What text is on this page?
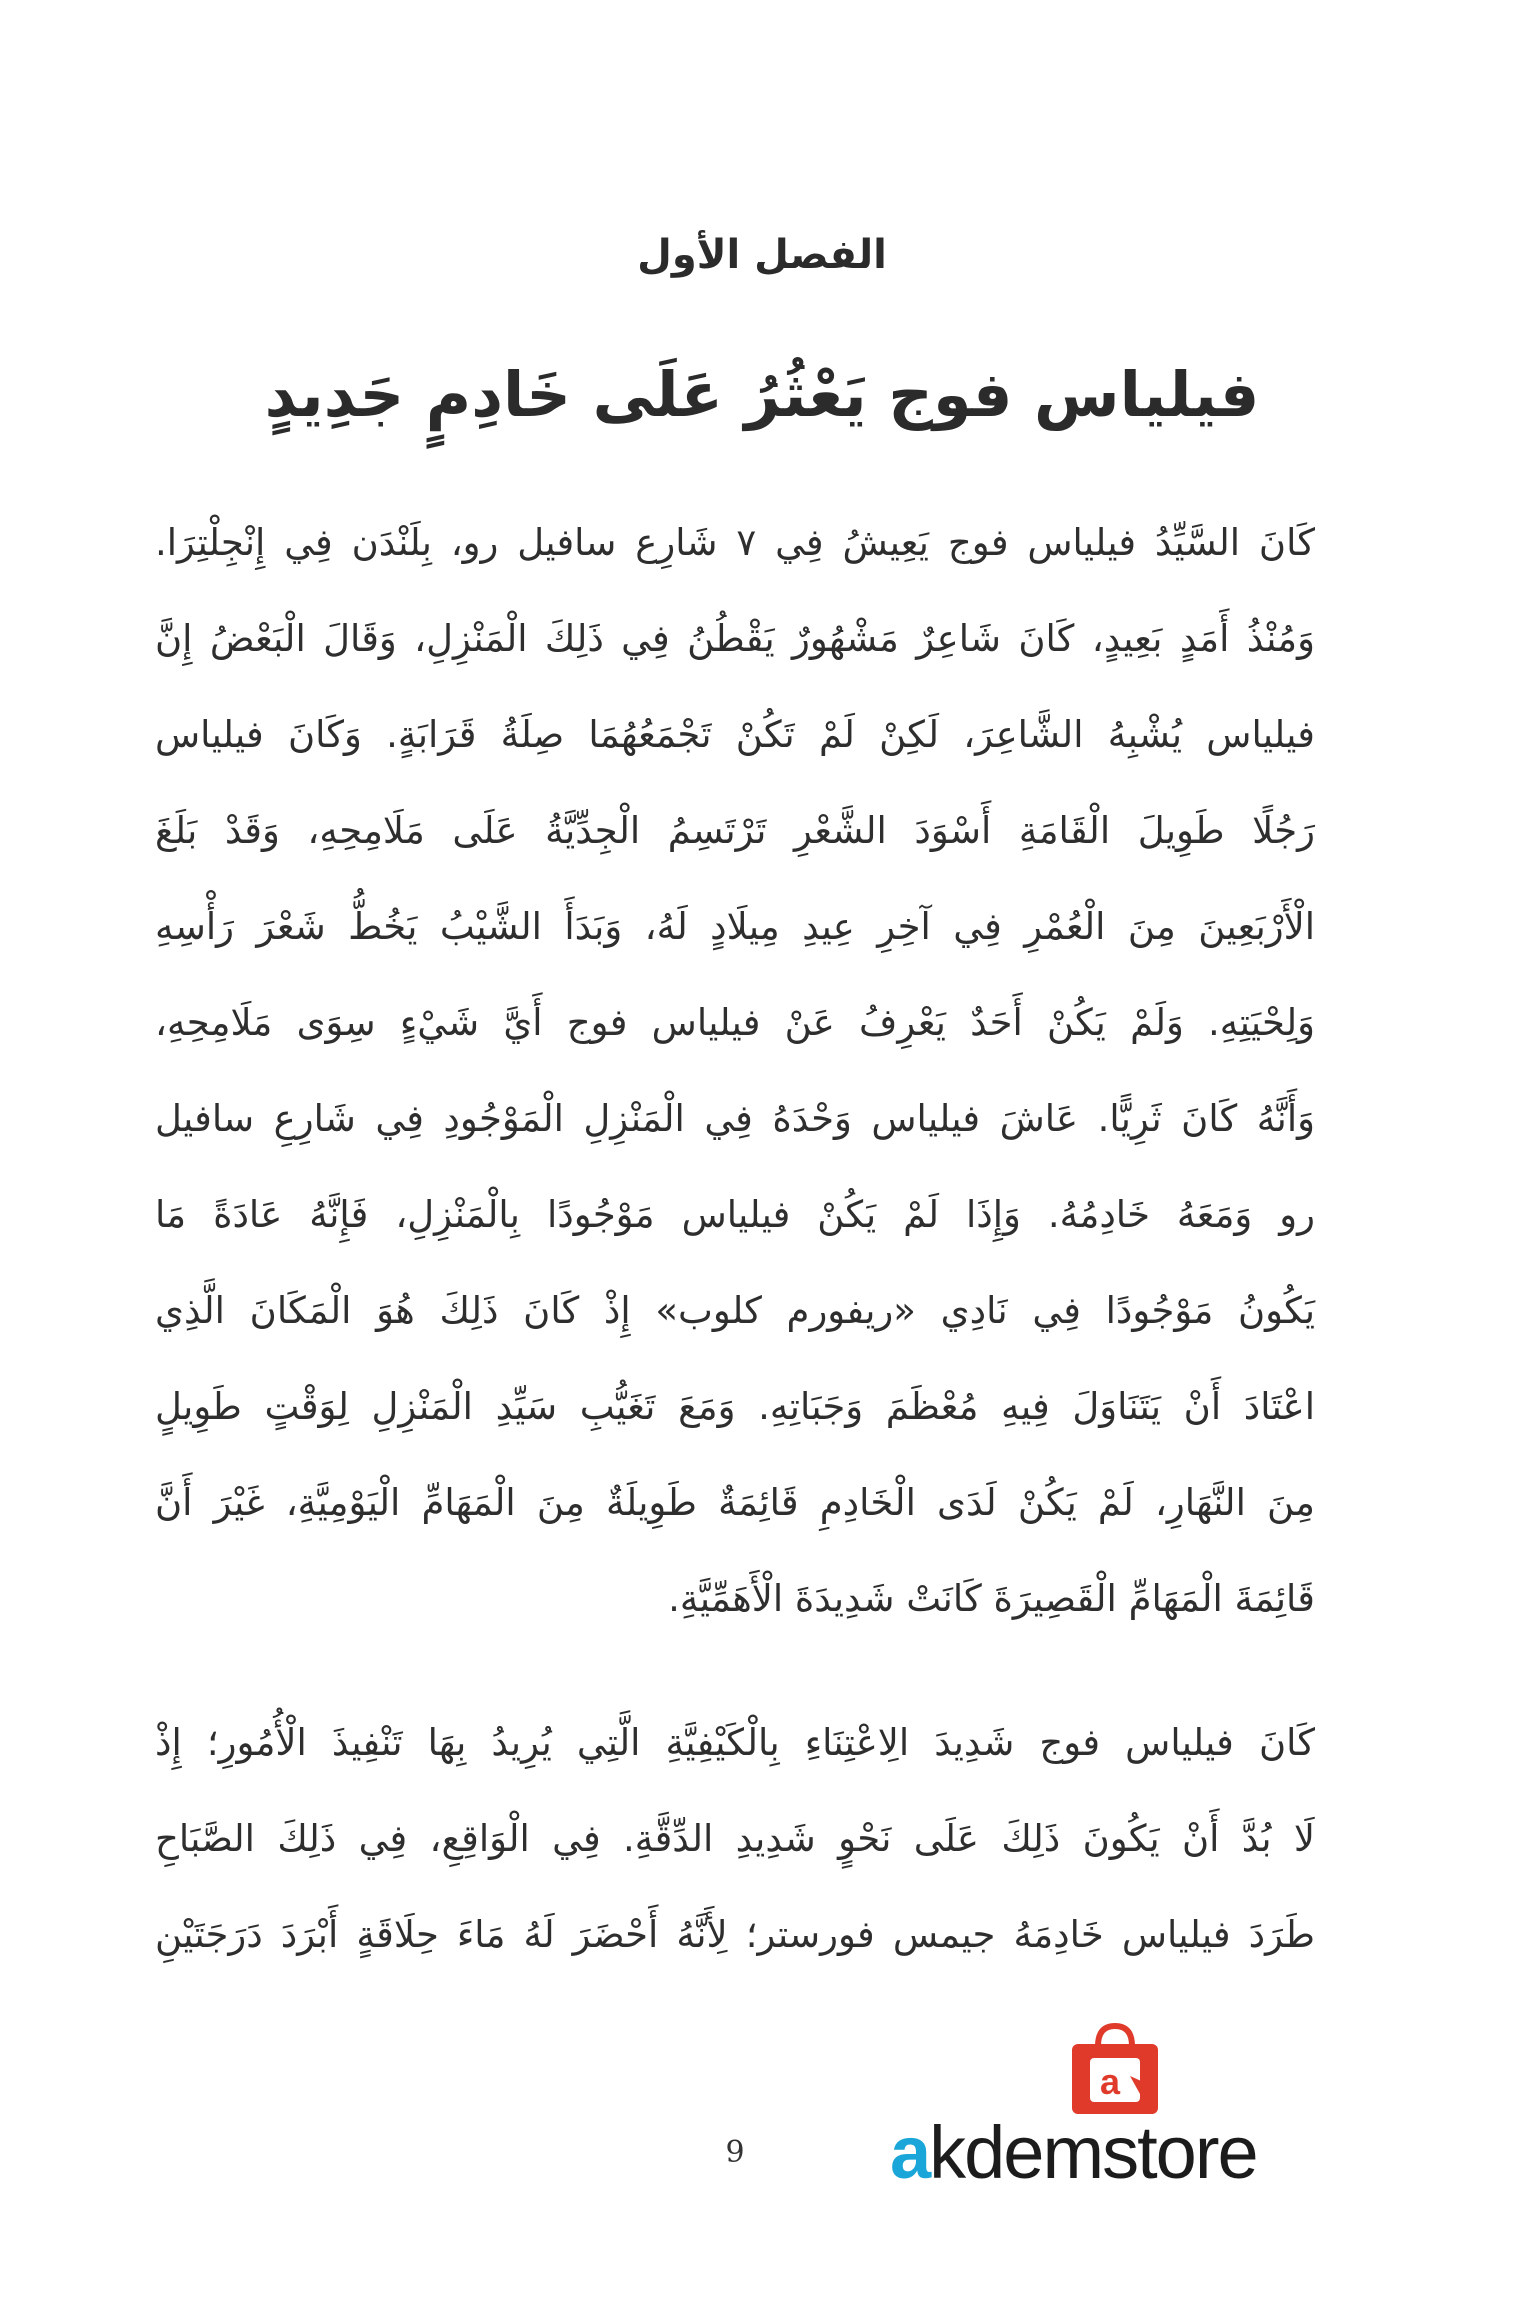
الفصل الأول
فيلياس فوج يَعْثُرُ عَلَى خَادِمٍ جَدِيدٍ
كَانَ السَّيِّدُ فيلياس فوج يَعِيشُ فِي ٧ شَارِع سافيل رو، بِلَنْدَن فِي إِنْجِلْتِرَا.
وَمُنْذُ أَمَدٍ بَعِيدٍ، كَانَ شَاعِرٌ مَشْهُورٌ يَقْطُنُ فِي ذَلِكَ الْمَنْزِلِ، وَقَالَ الْبَعْضُ إِنَّ
فيلياس يُشْبِهُ الشَّاعِرَ، لَكِنْ لَمْ تَكُنْ تَجْمَعُهُمَا صِلَةُ قَرَابَةٍ. وَكَانَ فيلياس
رَجُلًا طَوِيلَ الْقَامَةِ أَسْوَدَ الشَّعْرِ تَرْتَسِمُ الْجِدِّيَّةُ عَلَى مَلَامِحِهِ، وَقَدْ بَلَغَ
الْأَرْبَعِينَ مِنَ الْعُمْرِ فِي آخِرِ عِيدِ مِيلَادٍ لَهُ، وَبَدَأَ الشَّيْبُ يَخُطُّ شَعْرَ رَأْسِهِ
وَلِحْيَتِهِ. وَلَمْ يَكُنْ أَحَدٌ يَعْرِفُ عَنْ فيلياس فوج أَيَّ شَيْءٍ سِوَى مَلَامِحِهِ،
وَأَنَّهُ كَانَ ثَرِيًّا. عَاشَ فيلياس وَحْدَهُ فِي الْمَنْزِلِ الْمَوْجُودِ فِي شَارِعِ سافيل
رو وَمَعَهُ خَادِمُهُ. وَإِذَا لَمْ يَكُنْ فيلياس مَوْجُودًا بِالْمَنْزِلِ، فَإِنَّهُ عَادَةً مَا
يَكُونُ مَوْجُودًا فِي نَادِي «ريفورم كلوب» إِذْ كَانَ ذَلِكَ هُوَ الْمَكَانَ الَّذِي
اعْتَادَ أَنْ يَتَنَاوَلَ فِيهِ مُعْظَمَ وَجَبَاتِهِ. وَمَعَ تَغَيُّبِ سَيِّدِ الْمَنْزِلِ لِوَقْتٍ طَوِيلٍ
مِنَ النَّهَارِ، لَمْ يَكُنْ لَدَى الْخَادِمِ قَائِمَةٌ طَوِيلَةٌ مِنَ الْمَهَامِّ الْيَوْمِيَّةِ، غَيْرَ أَنَّ
قَائِمَةَ الْمَهَامِّ الْقَصِيرَةَ كَانَتْ شَدِيدَةَ الْأَهَمِّيَّةِ.
كَانَ فيلياس فوج شَدِيدَ الِاعْتِنَاءِ بِالْكَيْفِيَّةِ الَّتِي يُرِيدُ بِهَا تَنْفِيذَ الْأُمُورِ؛ إِذْ
لَا بُدَّ أَنْ يَكُونَ ذَلِكَ عَلَى نَحْوٍ شَدِيدِ الدِّقَّةِ. فِي الْوَاقِعِ، فِي ذَلِكَ الصَّبَاحِ
طَرَدَ فيلياس خَادِمَهُ جيمس فورستر؛ لِأَنَّهُ أَحْضَرَ لَهُ مَاءَ حِلَاقَةٍ أَبْرَدَ دَرَجَتَيْنِ
9
a
akdemstore
